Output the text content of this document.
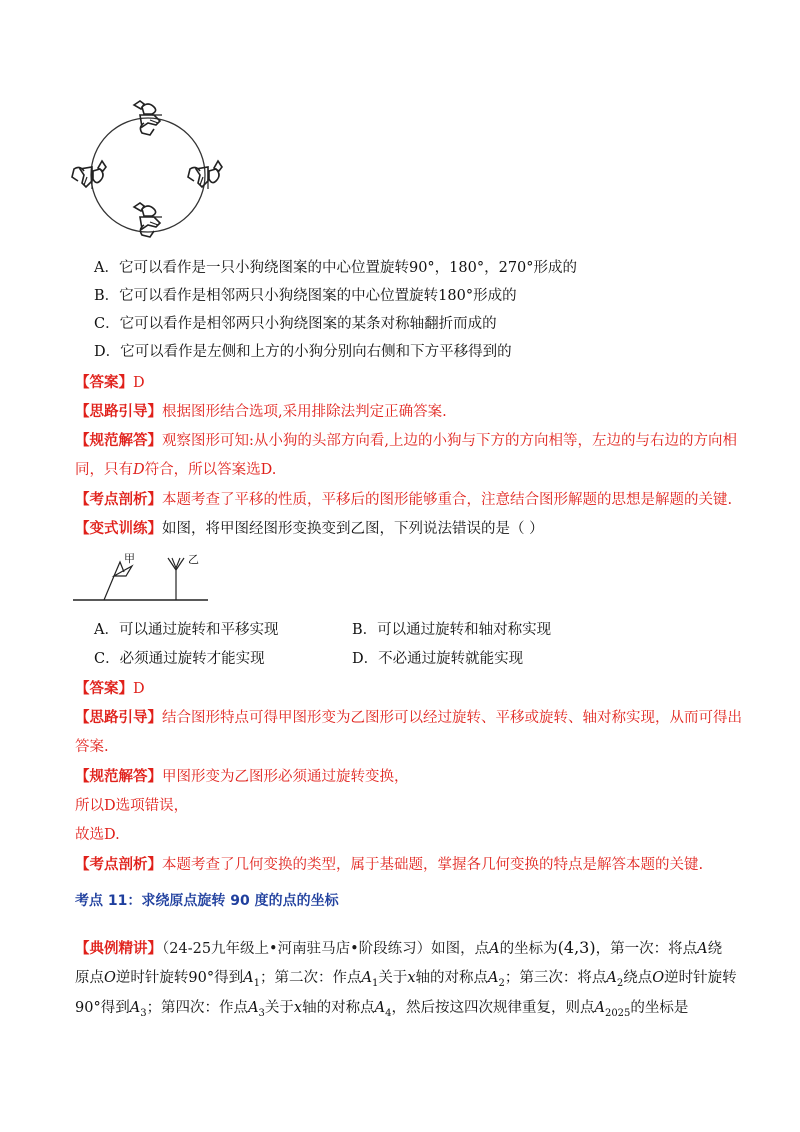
A．它可以看作是一只小狗绕图案的中心位置旋转90°，180°，270°形成的
B．它可以看作是相邻两只小狗绕图案的中心位置旋转180°形成的
C．它可以看作是相邻两只小狗绕图案的某条对称轴翻折而成的
D．它可以看作是左侧和上方的小狗分别向右侧和下方平移得到的
【答案】D
【思路引导】根据图形结合选项,采用排除法判定正确答案.
【规范解答】观察图形可知:从小狗的头部方向看,上边的小狗与下方的方向相等，左边的与右边的方向相
同，只有D符合，所以答案选D.
【考点剖析】本题考查了平移的性质，平移后的图形能够重合，注意结合图形解题的思想是解题的关键.
【变式训练】如图，将甲图经图形变换变到乙图，下列说法错误的是（ ）
甲	乙
A．可以通过旋转和平移实现	B．可以通过旋转和轴对称实现
C．必须通过旋转才能实现	D．不必通过旋转就能实现
【答案】D
【思路引导】结合图形特点可得甲图形变为乙图形可以经过旋转、平移或旋转、轴对称实现，从而可得出
答案.
【规范解答】甲图形变为乙图形必须通过旋转变换，
所以D选项错误，
故选D.
【考点剖析】本题考查了几何变换的类型，属于基础题，掌握各几何变换的特点是解答本题的关键.
考点 11：求绕原点旋转 90 度的点的坐标
【典例精讲】（24-25九年级上•河南驻马店•阶段练习）如图，点A的坐标为(4,3)，第一次：将点A绕
原点O逆时针旋转90°得到$A_1$；第二次：作点$A_1$关于x轴的对称点$A_2$；第三次：将点$A_2$绕点O逆时针旋转
90°得到$A_3$；第四次：作点$A_3$关于x轴的对称点$A_4$，然后按这四次规律重复，则点$A_{2025}$的坐标是
